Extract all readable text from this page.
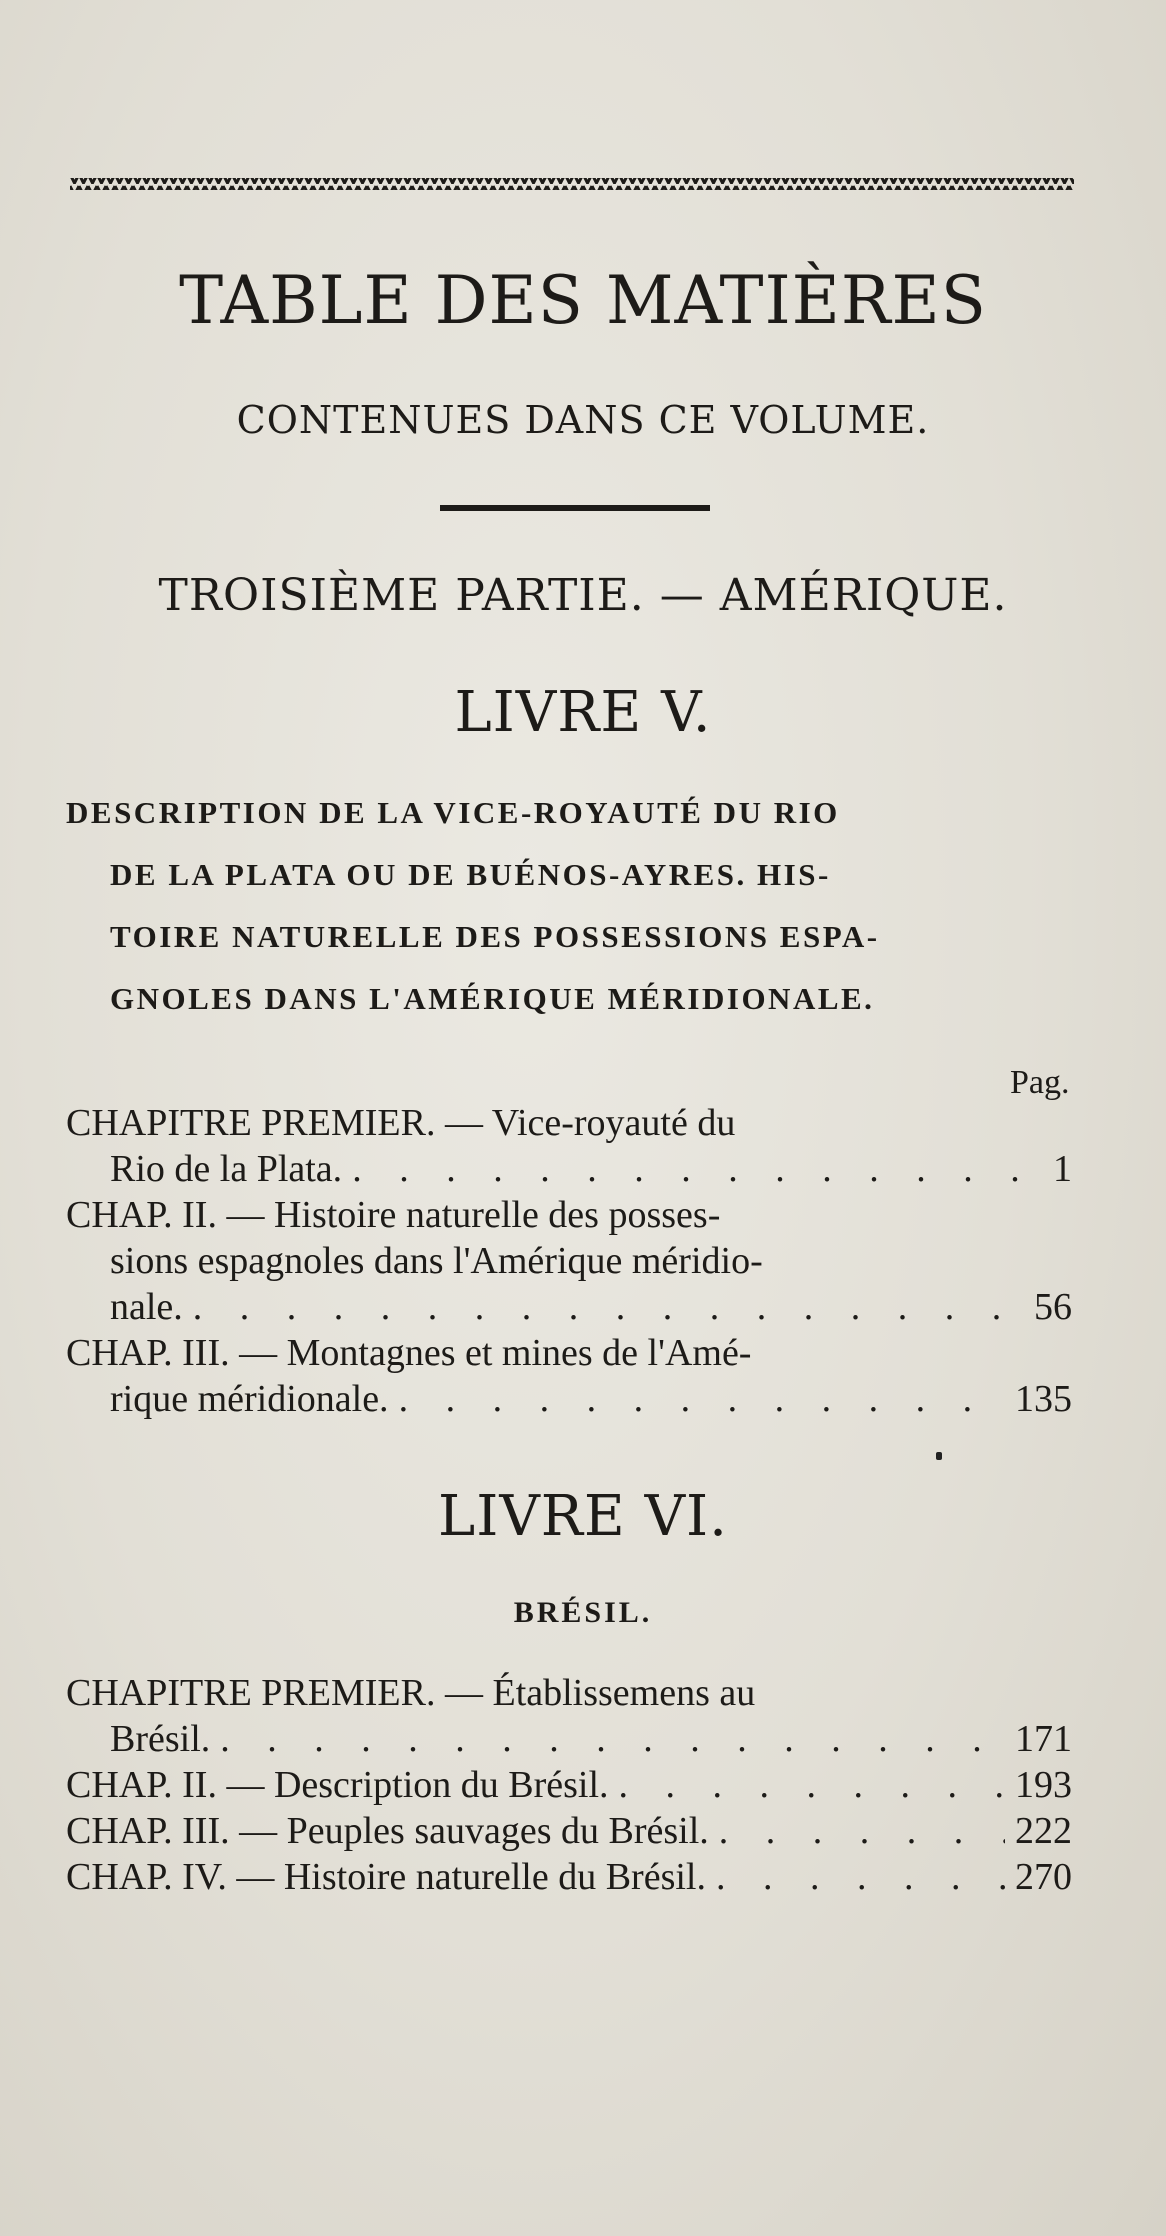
TABLE DES MATIÈRES
CONTENUES DANS CE VOLUME.
TROISIÈME PARTIE. — AMÉRIQUE.
LIVRE V.
DESCRIPTION DE LA VICE-ROYAUTÉ DU RIO
DE LA PLATA OU DE BUÉNOS-AYRES. HIS-
TOIRE NATURELLE DES POSSESSIONS ESPA-
GNOLES DANS L'AMÉRIQUE MÉRIDIONALE.
Pag.
CHAPITRE PREMIER. — Vice-royauté du
Rio de la Plata. . . .	1
CHAP. II. — Histoire naturelle des posses-
sions espagnoles dans l'Amérique méridio-
nale. . . .	56
CHAP. III. — Montagnes et mines de l'Amé-
rique méridionale. . . .	135
LIVRE VI.
BRÉSIL.
CHAPITRE PREMIER. — Établissemens au
Brésil. . . .	171
CHAP. II. — Description du Brésil. . . .	193
CHAP. III. — Peuples sauvages du Brésil. . . .	222
CHAP. IV. — Histoire naturelle du Brésil. . . .	270
